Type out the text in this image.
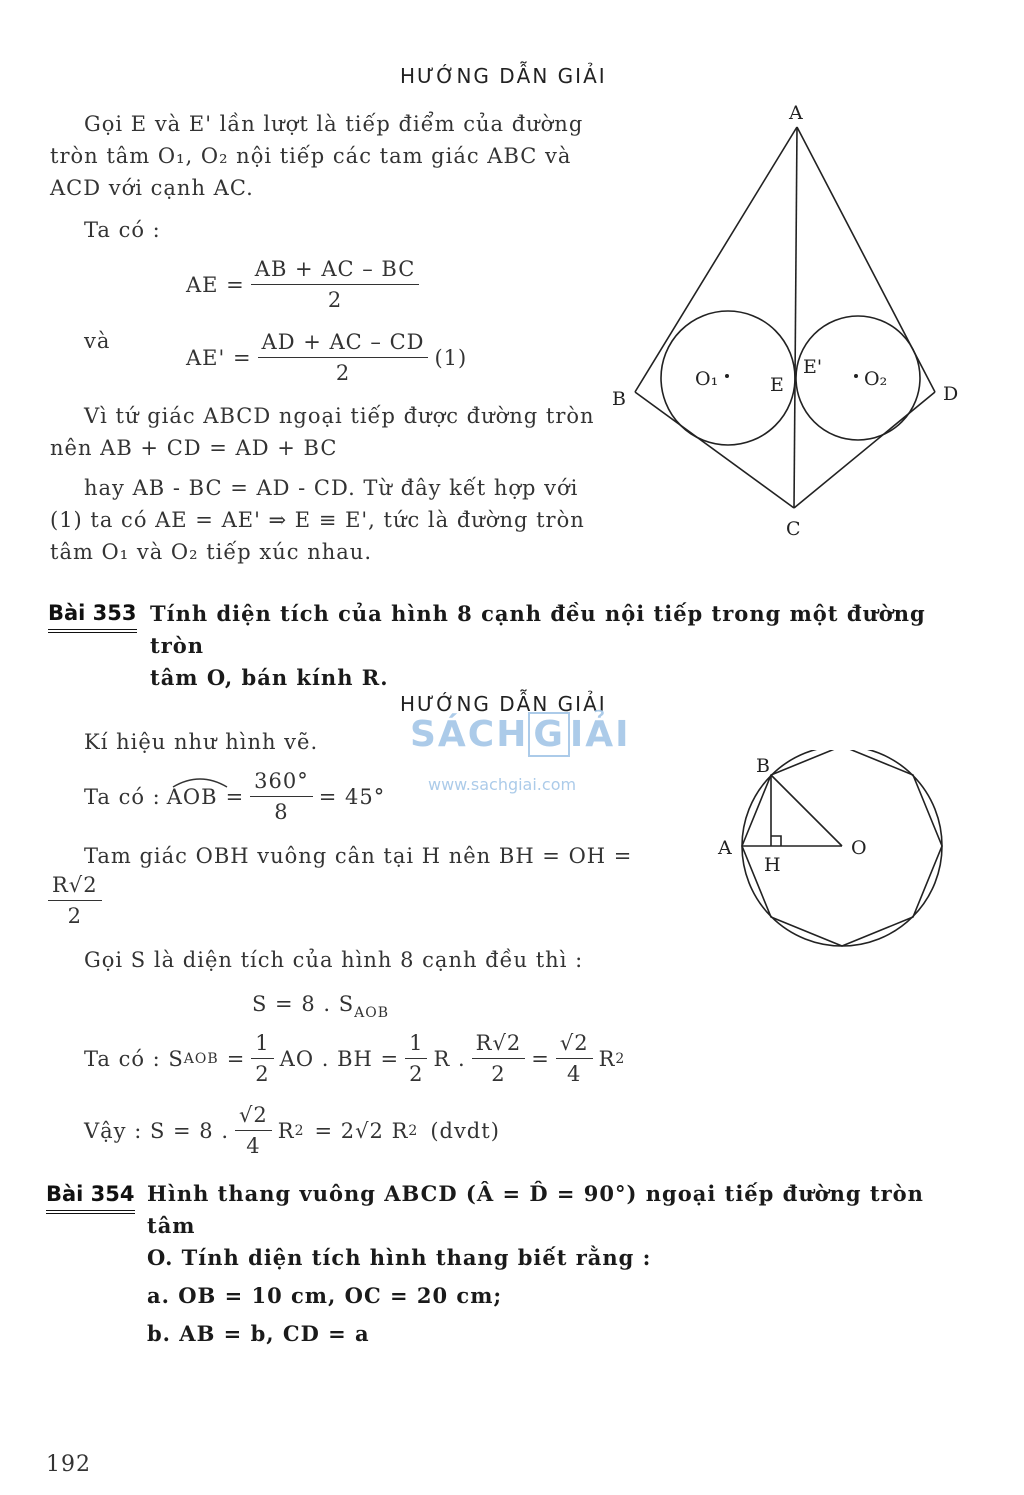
HƯỚNG DẪN GIẢI
Gọi E và E' lần lượt là tiếp điểm của đường
tròn tâm O₁, O₂ nội tiếp các tam giác ABC và
ACD với cạnh AC.
Ta có :
AE = $\frac{AB + AC - BC}{2}$
và
$AE' = \frac{AD + AC - CD}{2} (1)$
Vì tứ giác ABCD ngoại tiếp được đường tròn
nên AB + CD = AD + BC
hay AB - BC = AD - CD. Từ đây kết hợp với
(1) ta có AE = AE' ⇒ E ≡ E', tức là đường tròn
tâm O₁ và O₂ tiếp xúc nhau.
A
B
C
D
E
E'
O₁	O₂
Bài 353 Tính diện tích của hình 8 cạnh đều nội tiếp trong một đường tròn
tâm O, bán kính R.
HƯỚNG DẪN GIẢI
SÁCH G IẢI
www.sachgiai.com
Kí hiệu như hình vẽ.
Ta có : AOB = $\frac{360^\circ}{8} = 45^\circ$
Tam giác OBH vuông cân tại H nên BH = OH =
$\frac{R√2}{2}$
Gọi S là diện tích của hình 8 cạnh đều thì :
S = 8 . $S_{AOB}$
Ta có : S AOB = $\frac{1}{2}$ AO . BH = $\frac{1}{2}$ R . $\frac{R√2}{2} = \frac{√2}{4}$ R 2
Vậy : S = 8 . $\frac{√2}{4}$ R 2 = 2√2 R 2 (dvdt)
B
A
H
O
Bài 354 Hình thang vuông ABCD (Â = D̂ = 90°) ngoại tiếp đường tròn tâm
O. Tính diện tích hình thang biết rằng :
a. OB = 10 cm, OC = 20 cm;
b. AB = b, CD = a
192
